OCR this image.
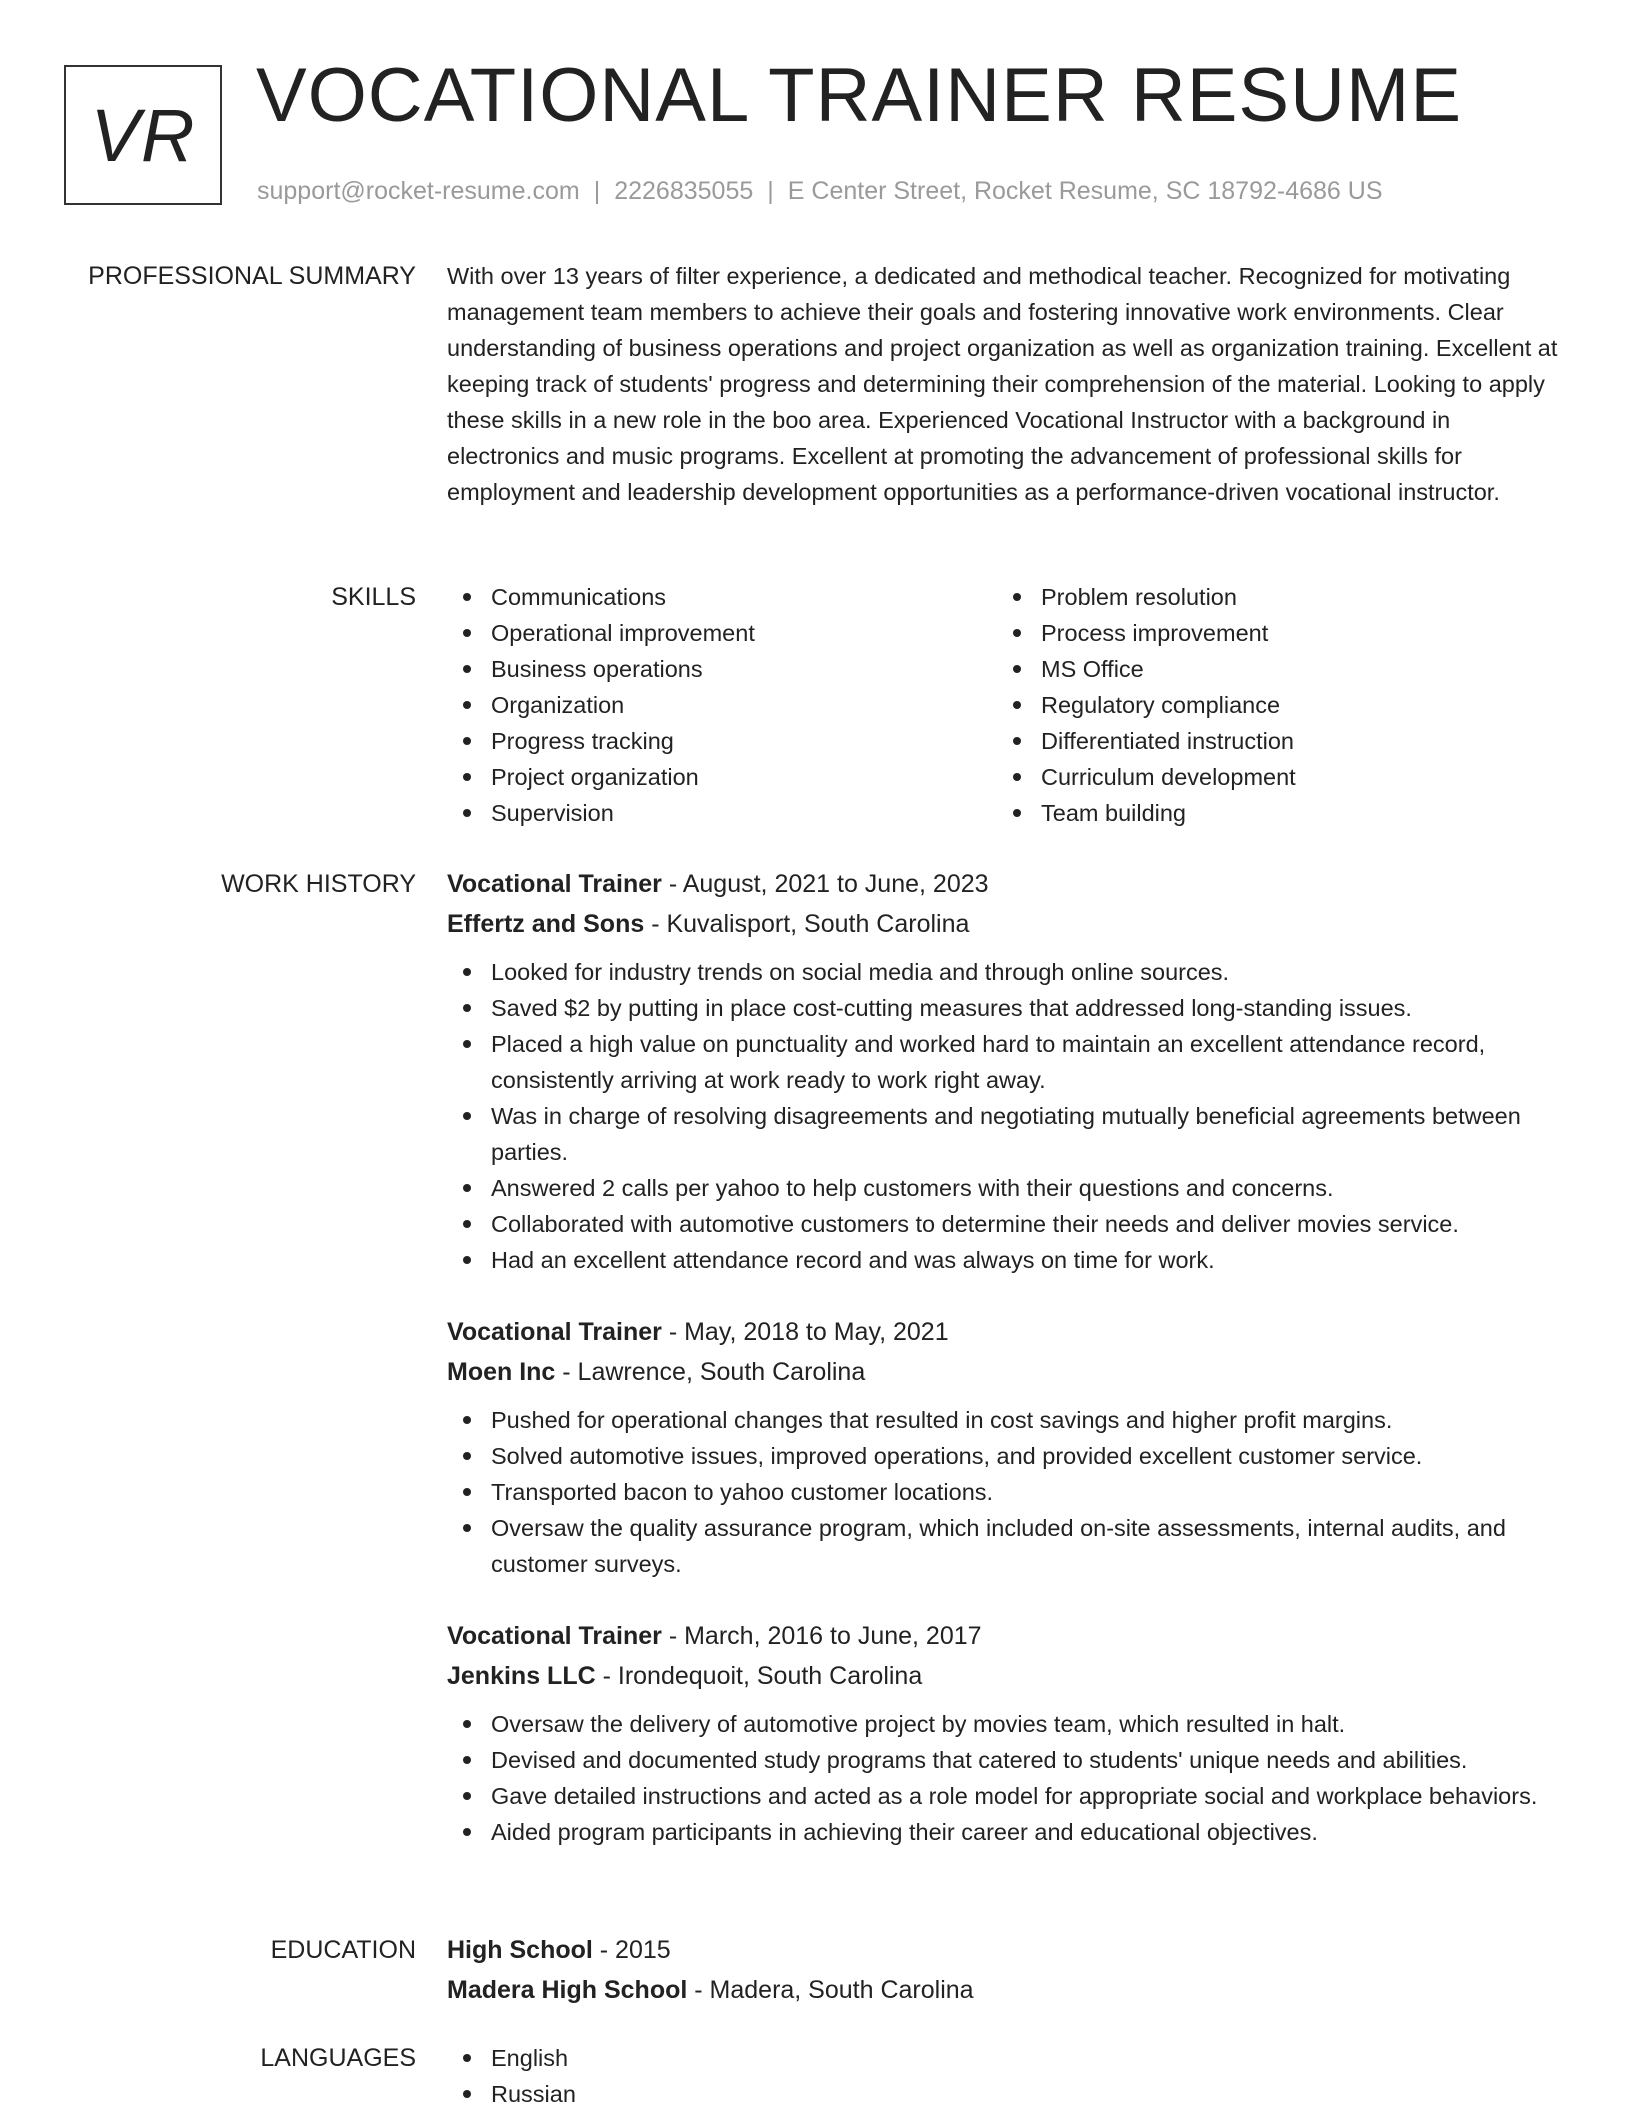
VR VOCATIONAL TRAINER RESUME
support@rocket-resume.com | 2226835055 | E Center Street, Rocket Resume, SC 18792-4686 US
PROFESSIONAL SUMMARY With over 13 years of filter experience, a dedicated and methodical teacher. Recognized for motivating management team members to achieve their goals and fostering innovative work environments. Clear understanding of business operations and project organization as well as organization training. Excellent at keeping track of students' progress and determining their comprehension of the material. Looking to apply these skills in a new role in the boo area. Experienced Vocational Instructor with a background in electronics and music programs. Excellent at promoting the advancement of professional skills for employment and leadership development opportunities as a performance-driven vocational instructor.

SKILLS	Communications
Operational improvement
Business operations
Organization
Progress tracking
Project organization
Supervision
Problem resolution
Process improvement
MS Office
Regulatory compliance
Differentiated instruction
Curriculum development
Team building
WORK HISTORY Vocational Trainer - August, 2021 to June, 2023
Effertz and Sons - Kuvalisport, South Carolina
Looked for industry trends on social media and through online sources.
Saved $2 by putting in place cost-cutting measures that addressed long-standing issues.
Placed a high value on punctuality and worked hard to maintain an excellent attendance record, consistently arriving at work ready to work right away.
Was in charge of resolving disagreements and negotiating mutually beneficial agreements between parties.
Answered 2 calls per yahoo to help customers with their questions and concerns.
Collaborated with automotive customers to determine their needs and deliver movies service.
Had an excellent attendance record and was always on time for work.
Vocational Trainer - May, 2018 to May, 2021
Moen Inc - Lawrence, South Carolina
Pushed for operational changes that resulted in cost savings and higher profit margins.
Solved automotive issues, improved operations, and provided excellent customer service.
Transported bacon to yahoo customer locations.
Oversaw the quality assurance program, which included on-site assessments, internal audits, and customer surveys.
Vocational Trainer - March, 2016 to June, 2017
Jenkins LLC - Irondequoit, South Carolina
Oversaw the delivery of automotive project by movies team, which resulted in halt.
Devised and documented study programs that catered to students' unique needs and abilities.
Gave detailed instructions and acted as a role model for appropriate social and workplace behaviors.
Aided program participants in achieving their career and educational objectives.
EDUCATION High School - 2015
Madera High School - Madera, South Carolina
LANGUAGES	English
Russian
